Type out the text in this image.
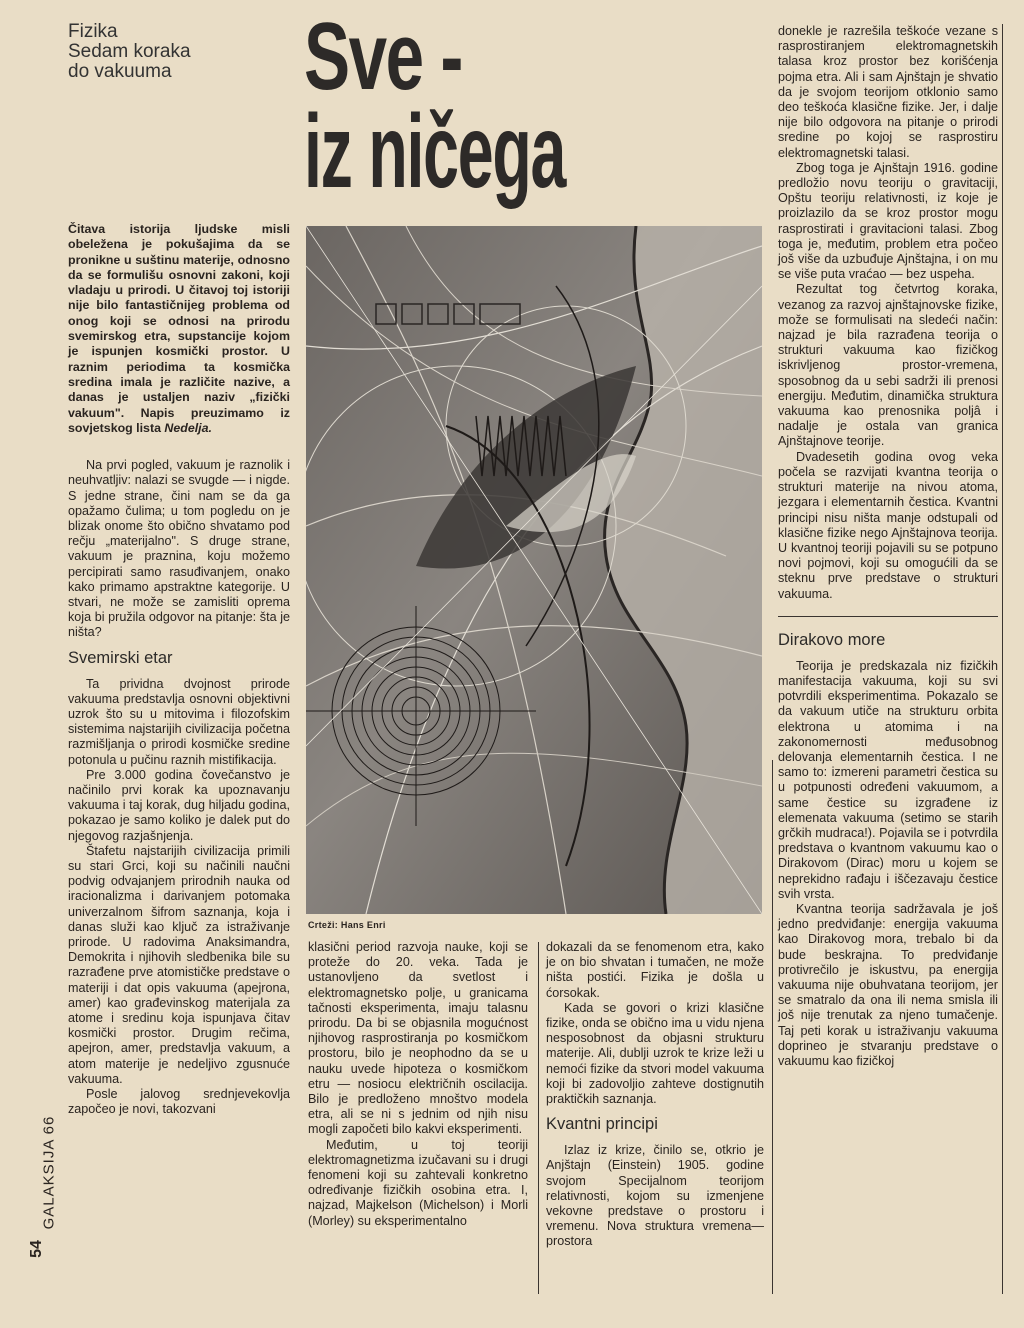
Fizika
Sedam koraka
do vakuuma Sve -
iz ničega
GALAKSIJA 66
54

Čitava istorija ljudske misli obeležena je pokušajima da se pronikne u suštinu materije, odnosno da se formulišu osnovni zakoni, koji vladaju u prirodi. U čitavoj toj istoriji nije bilo fantastičnijeg problema od onog koji se odnosi na prirodu svemirskog etra, supstancije kojom je ispunjen kosmički prostor. U raznim periodima ta kosmička sredina imala je različite nazive, a danas je ustaljen naziv „fizički vakuum". Napis preuzimamo iz sovjetskog lista Nedelja.

Na prvi pogled, vakuum je raznolik i neuhvatljiv: nalazi se svugde — i nigde. S jedne strane, čini nam se da ga opažamo čulima; u tom pogledu on je blizak onome što obično shvatamo pod rečju „materijalno". S druge strane, vakuum je praznina, koju možemo percipirati samo rasuđivanjem, onako kako primamo apstraktne kategorije. U stvari, ne može se zamisliti oprema koja bi pružila odgovor na pitanje: šta je ništa?

Svemirski etar

Ta prividna dvojnost prirode vakuuma predstavlja osnovni objektivni uzrok što su u mitovima i filozofskim sistemima najstarijih civilizacija početna razmišljanja o prirodi kosmičke sredine potonula u pučinu raznih mistifikacija.

Pre 3.000 godina čovečanstvo je načinilo prvi korak ka upoznavanju vakuuma i taj korak, dug hiljadu godina, pokazao je samo koliko je dalek put do njegovog razjašnjenja.

Štafetu najstarijih civilizacija primili su stari Grci, koji su načinili naučni podvig odvajanjem prirodnih nauka od iracionalizma i darivanjem potomaka univerzalnom šifrom saznanja, koja i danas služi kao ključ za istraživanje prirode. U radovima Anaksimandra, Demokrita i njihovih sledbenika bile su razrađene prve atomističke predstave o materiji i dat opis vakuuma (apejrona, amer) kao građevinskog materijala za atome i sredinu koja ispunjava čitav kosmički prostor. Drugim rečima, apejron, amer, predstavlja vakuum, a atom materije je nedeljivo zgusnuće vakuuma.

Posle jalovog srednjevekovlja započeo je novi, takozvani

Crteži: Hans Enri

klasični period razvoja nauke, koji se proteže do 20. veka. Tada je ustanovljeno da svetlost i elektromagnetsko polje, u granicama tačnosti eksperimenta, imaju talasnu prirodu. Da bi se objasnila mogućnost njihovog rasprostiranja po kosmičkom prostoru, bilo je neophodno da se u nauku uvede hipoteza o kosmičkom etru — nosiocu električnih oscilacija. Bilo je predloženo mnoštvo modela etra, ali se ni s jednim od njih nisu mogli započeti bilo kakvi eksperimenti.

Međutim, u toj teoriji elektromagnetizma izučavani su i drugi fenomeni koji su zahtevali konkretno određivanje fizičkih osobina etra. I, najzad, Majkelson (Michelson) i Morli (Morley) su eksperimentalno

dokazali da se fenomenom etra, kako je on bio shvatan i tumačen, ne može ništa postići. Fizika je došla u ćorsokak.

Kada se govori o krizi klasične fizike, onda se obično ima u vidu njena nesposobnost da objasni strukturu materije. Ali, dublji uzrok te krize leži u nemoći fizike da stvori model vakuuma koji bi zadovoljio zahteve dostignutih praktičkih saznanja.

Kvantni principi

Izlaz iz krize, činilo se, otkrio je Anjštajn (Einstein) 1905. godine svojom Specijalnom teorijom relativnosti, kojom su izmenjene vekovne predstave o prostoru i vremenu. Nova struktura vremena—prostora

donekle je razrešila teškoće vezane s rasprostiranjem elektromagnetskih talasa kroz prostor bez korišćenja pojma etra. Ali i sam Ajnštajn je shvatio da je svojom teorijom otklonio samo deo teškoća klasične fizike. Jer, i dalje nije bilo odgovora na pitanje o prirodi sredine po kojoj se rasprostiru elektromagnetski talasi.

Zbog toga je Ajnštajn 1916. godine predložio novu teoriju o gravitaciji, Opštu teoriju relativnosti, iz koje je proizlazilo da se kroz prostor mogu rasprostirati i gravitacioni talasi. Zbog toga je, međutim, problem etra počeo još više da uzbuđuje Ajnštajna, i on mu se više puta vraćao — bez uspeha.

Rezultat tog četvrtog koraka, vezanog za razvoj ajnštajnovske fizike, može se formulisati na sledeći način: najzad je bila razrađena teorija o strukturi vakuuma kao fizičkog iskrivljenog prostor-vremena, sposobnog da u sebi sadrži ili prenosi energiju. Međutim, dinamička struktura vakuuma kao prenosnika poljâ i nadalje je ostala van granica Ajnštajnove teorije.

Dvadesetih godina ovog veka počela se razvijati kvantna teorija o strukturi materije na nivou atoma, jezgara i elementarnih čestica. Kvantni principi nisu ništa manje odstupali od klasične fizike nego Ajnštajnova teorija. U kvantnoj teoriji pojavili su se potpuno novi pojmovi, koji su omogućili da se steknu prve predstave o strukturi vakuuma.

Dirakovo more

Teorija je predskazala niz fizičkih manifestacija vakuuma, koji su svi potvrdili eksperimentima. Pokazalo se da vakuum utiče na strukturu orbita elektrona u atomima i na zakonomernosti međusobnog delovanja elementarnih čestica. I ne samo to: izmereni parametri čestica su u potpunosti određeni vakuumom, a same čestice su izgrađene iz elemenata vakuuma (setimo se starih grčkih mudraca!). Pojavila se i potvrdila predstava o kvantnom vakuumu kao o Dirakovom (Dirac) moru u kojem se neprekidno rađaju i iščezavaju čestice svih vrsta.

Kvantna teorija sadržavala je još jedno predviđanje: energija vakuuma kao Dirakovog mora, trebalo bi da bude beskrajna. To predviđanje protivrečilo je iskustvu, pa energija vakuuma nije obuhvatana teorijom, jer se smatralo da ona ili nema smisla ili još nije trenutak za njeno tumačenje. Taj peti korak u istraživanju vakuuma doprineo je stvaranju predstave o vakuumu kao fizičkoj
